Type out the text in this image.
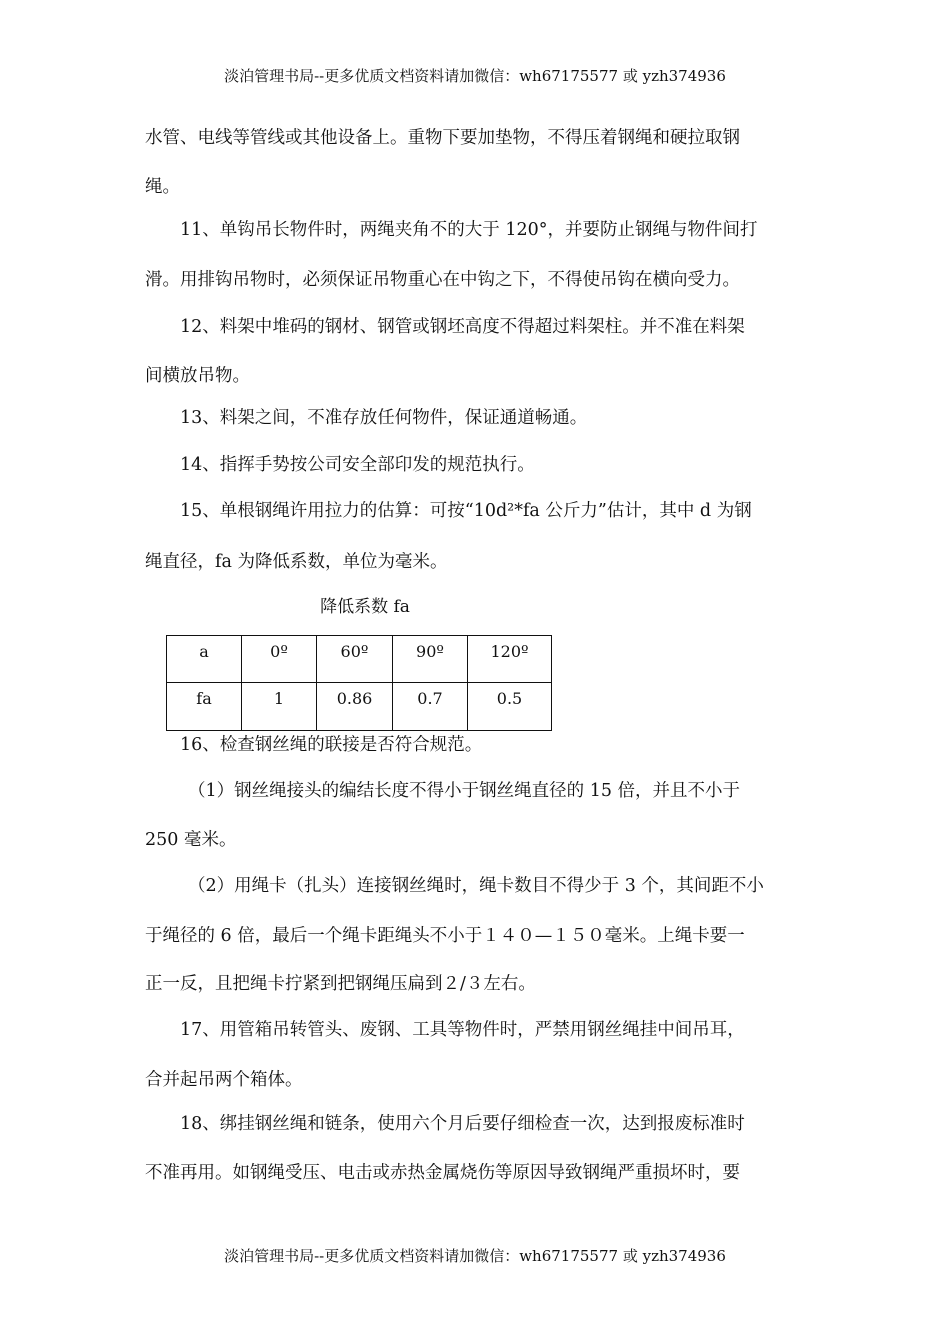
淡泊管理书局--更多优质文档资料请加微信：wh67175577 或 yzh374936
水管、电线等管线或其他设备上。重物下要加垫物，不得压着钢绳和硬拉取钢
绳。
11、单钩吊长物件时，两绳夹角不的大于 120°，并要防止钢绳与物件间打
滑。用排钩吊物时，必须保证吊物重心在中钩之下，不得使吊钩在横向受力。
12、料架中堆码的钢材、钢管或钢坯高度不得超过料架柱。并不准在料架
间横放吊物。
13、料架之间，不准存放任何物件，保证通道畅通。
14、指挥手势按公司安全部印发的规范执行。
15、单根钢绳许用拉力的估算：可按“10d²*fa 公斤力”估计，其中 d 为钢
绳直径，fa 为降低系数，单位为毫米。
降低系数 fa
a	0º	60º	90º	120º
fa	1	0.86	0.7	0.5
16、检查钢丝绳的联接是否符合规范。
（1）钢丝绳接头的编结长度不得小于钢丝绳直径的 15 倍，并且不小于
250 毫米。
（2）用绳卡（扎头）连接钢丝绳时，绳卡数目不得少于 3 个，其间距不小
于绳径的 6 倍，最后一个绳卡距绳头不小于１４０—１５０毫米。上绳卡要一
正一反，且把绳卡拧紧到把钢绳压扁到２/３左右。
17、用管箱吊转管头、废钢、工具等物件时，严禁用钢丝绳挂中间吊耳，
合并起吊两个箱体。
18、绑挂钢丝绳和链条，使用六个月后要仔细检查一次，达到报废标准时
不准再用。如钢绳受压、电击或赤热金属烧伤等原因导致钢绳严重损坏时，要
淡泊管理书局--更多优质文档资料请加微信：wh67175577 或 yzh374936
